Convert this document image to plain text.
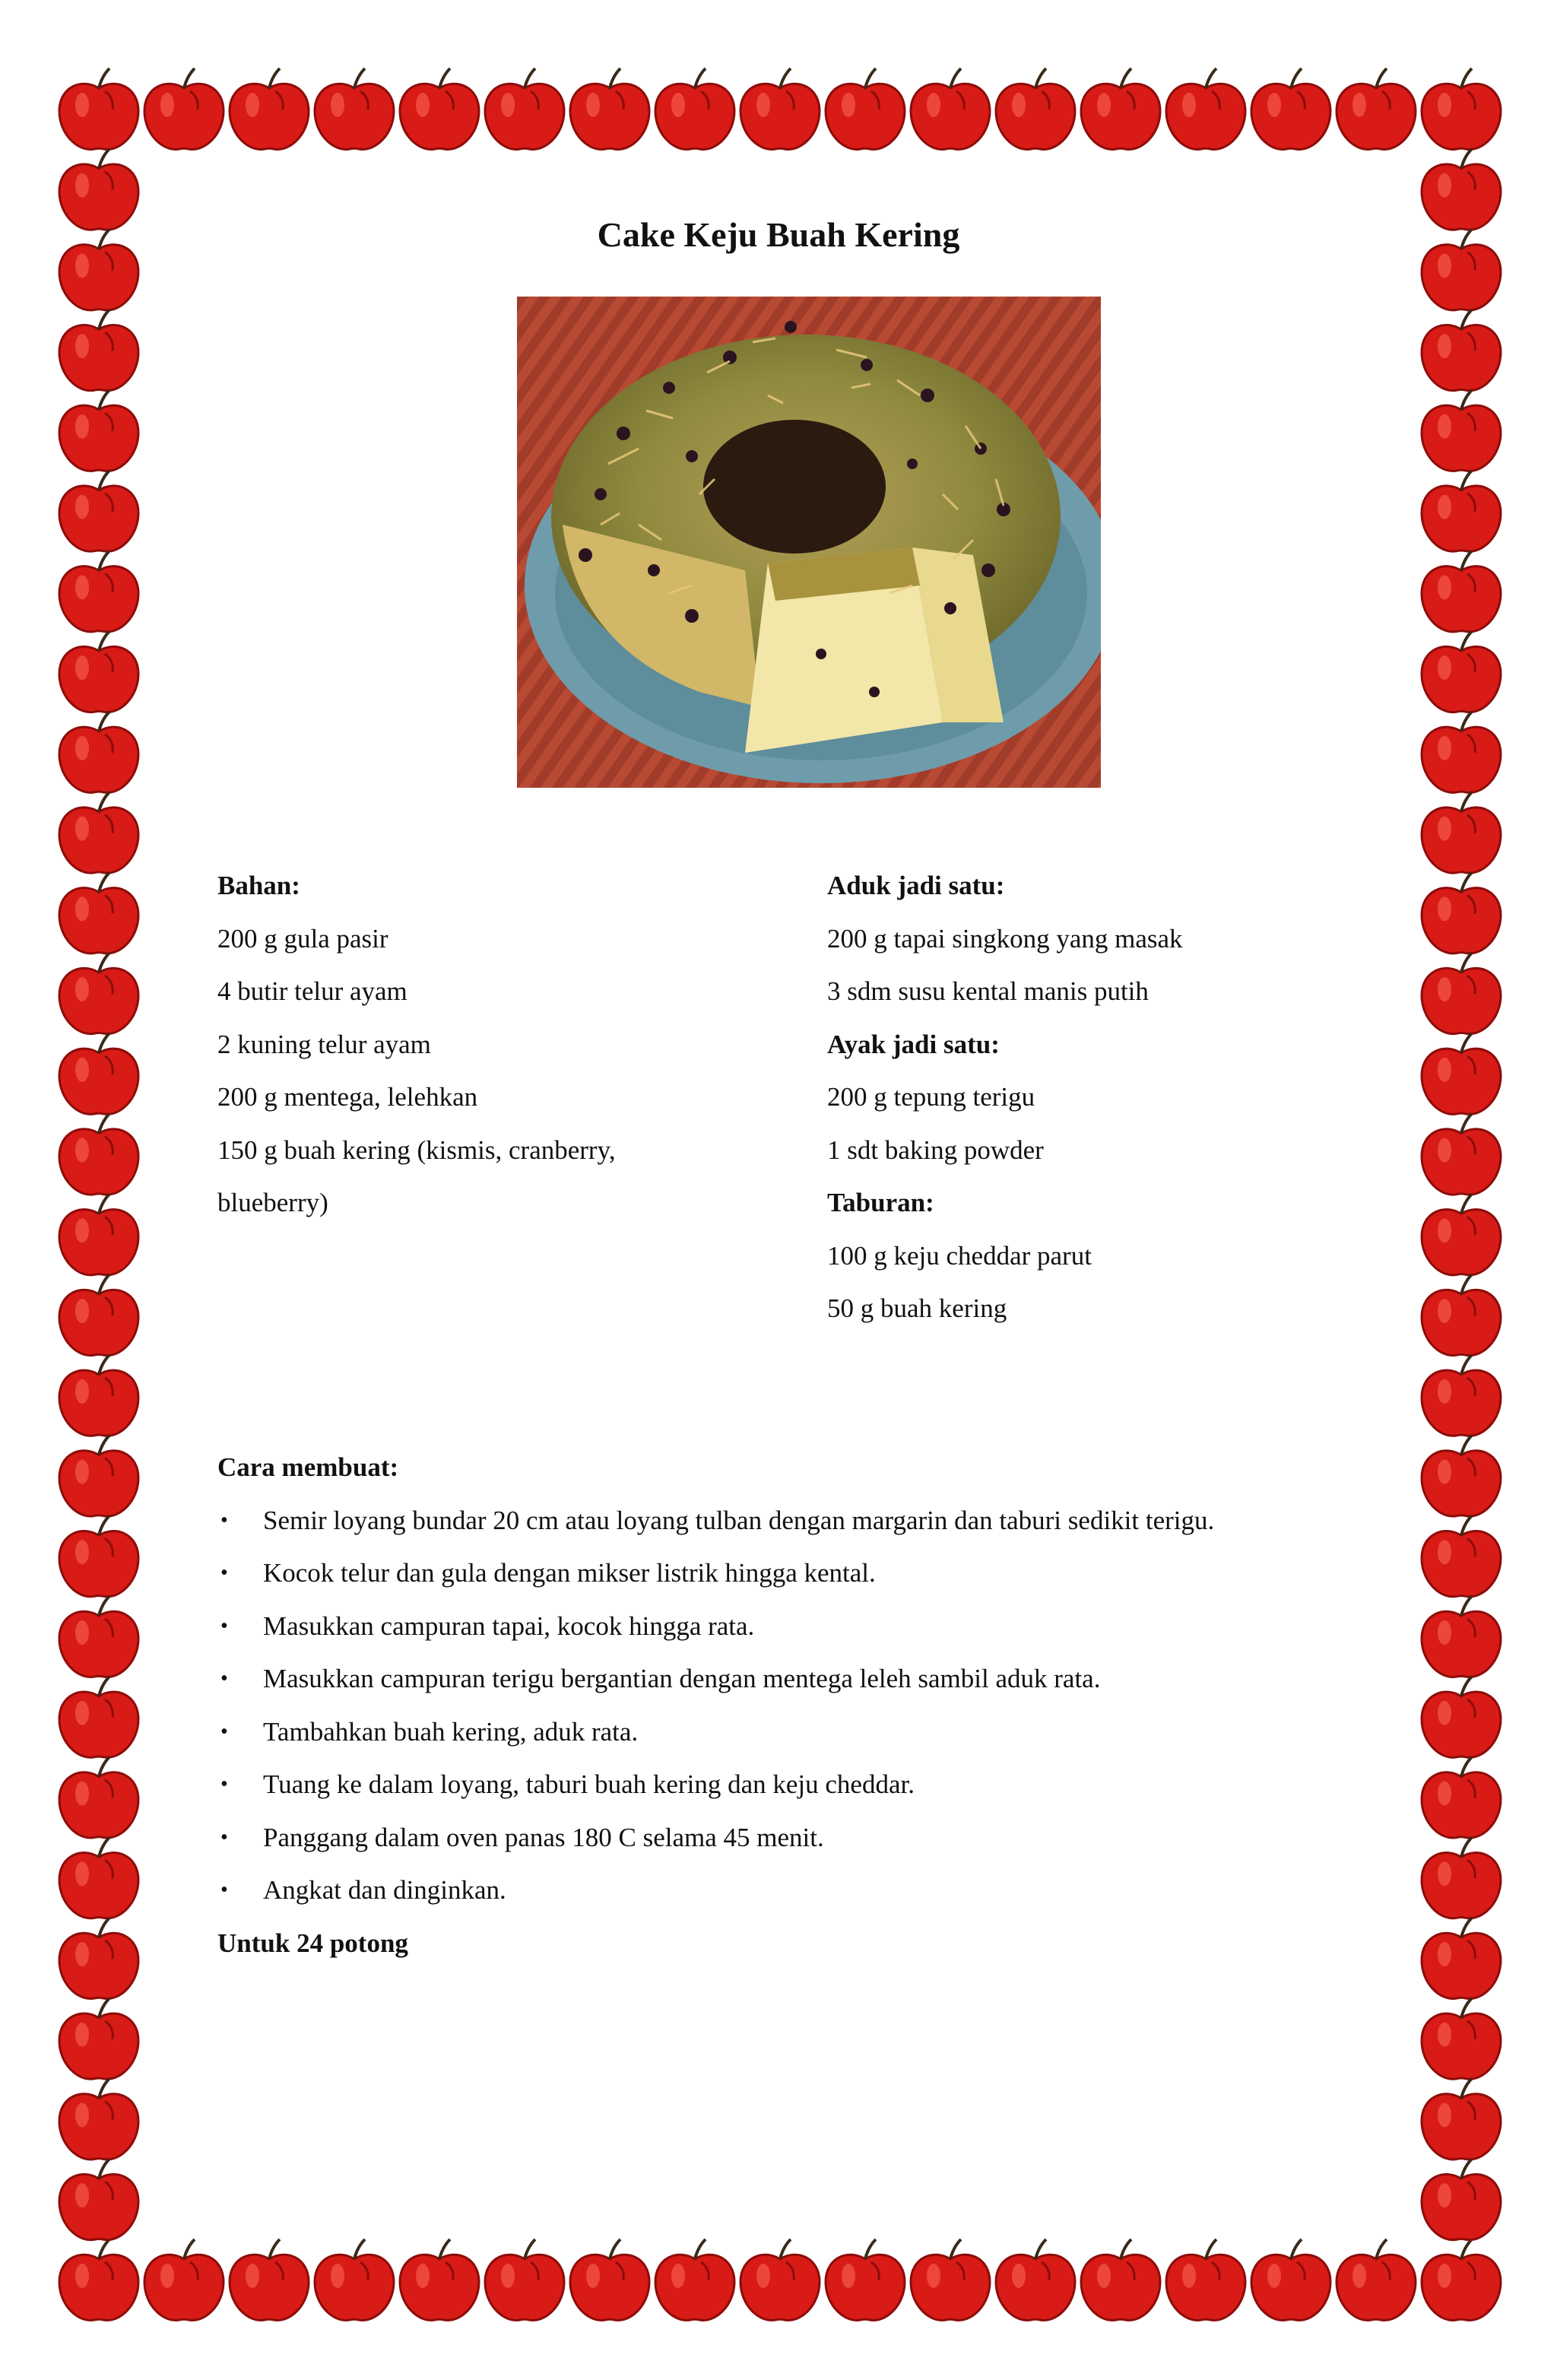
Cake Keju Buah Kering
Bahan:
200 g gula pasir
4 butir telur ayam
2 kuning telur ayam
200 g mentega, lelehkan
150 g buah kering (kismis, cranberry,
blueberry)
Aduk jadi satu:
200 g tapai singkong yang masak
3 sdm susu kental manis putih
Ayak jadi satu:
200 g tepung terigu
1 sdt baking powder
Taburan:
100 g keju cheddar parut
50 g buah kering
Cara membuat:
• Semir loyang bundar 20 cm atau loyang tulban dengan margarin dan taburi sedikit terigu.
• Kocok telur dan gula dengan mikser listrik hingga kental.
• Masukkan campuran tapai, kocok hingga rata.
• Masukkan campuran terigu bergantian dengan mentega leleh sambil aduk rata.
• Tambahkan buah kering, aduk rata.
• Tuang ke dalam loyang, taburi buah kering dan keju cheddar.
• Panggang dalam oven panas 180 C selama 45 menit.
• Angkat dan dinginkan.
Untuk 24 potong
